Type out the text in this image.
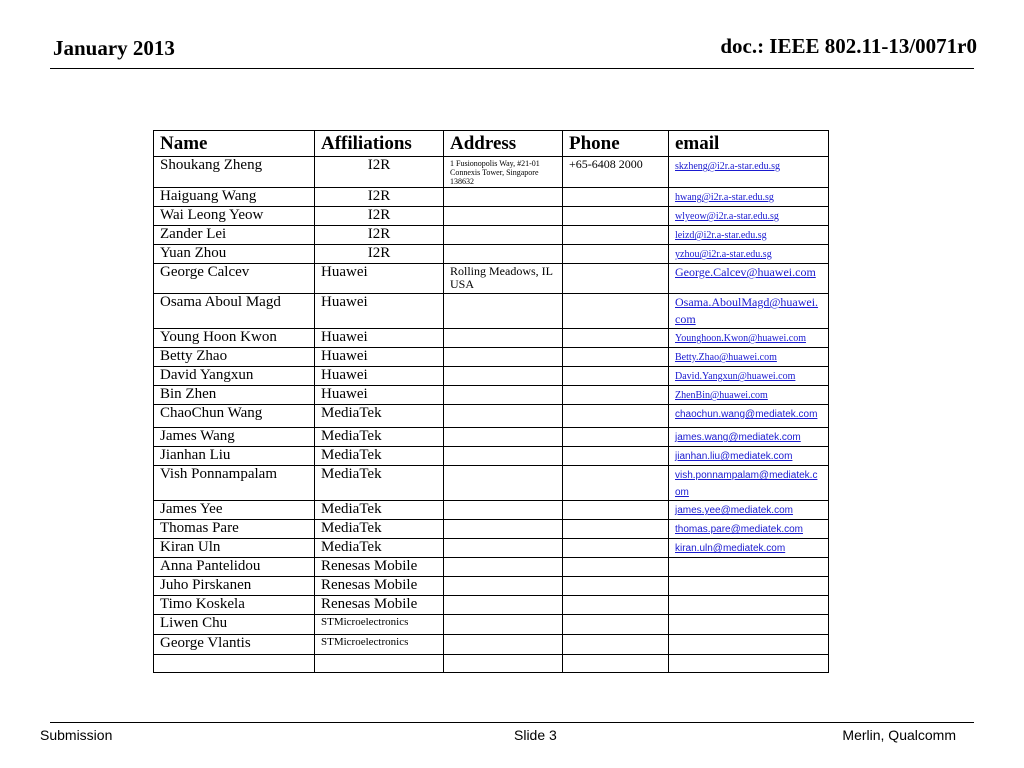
January 2013	doc.: IEEE 802.11-13/0071r0
Name	Affiliations	Address	Phone	email
Shoukang Zheng	I2R	1 Fusionopolis Way, #21-01 Connexis Tower, Singapore 138632	+65-6408 2000	skzheng@i2r.a-star.edu.sg
Haiguang Wang	I2R			hwang@i2r.a-star.edu.sg
Wai Leong Yeow	I2R			wlyeow@i2r.a-star.edu.sg
Zander Lei	I2R			leizd@i2r.a-star.edu.sg
Yuan Zhou	I2R			yzhou@i2r.a-star.edu.sg
George Calcev	Huawei	Rolling Meadows, IL USA		George.Calcev@huawei.com
Osama Aboul Magd	Huawei			Osama.AboulMagd@huawei.com
Young Hoon Kwon	Huawei			Younghoon.Kwon@huawei.com
Betty Zhao	Huawei			Betty.Zhao@huawei.com
David Yangxun	Huawei			David.Yangxun@huawei.com
Bin Zhen	Huawei			ZhenBin@huawei.com
ChaoChun Wang	MediaTek			chaochun.wang@mediatek.com
James Wang	MediaTek			james.wang@mediatek.com
Jianhan Liu	MediaTek			jianhan.liu@mediatek.com
Vish Ponnampalam	MediaTek			vish.ponnampalam@mediatek.com
James Yee	MediaTek			james.yee@mediatek.com
Thomas Pare	MediaTek			thomas.pare@mediatek.com
Kiran Uln	MediaTek			kiran.uln@mediatek.com
Anna Pantelidou	Renesas Mobile			
Juho Pirskanen	Renesas Mobile			
Timo Koskela	Renesas Mobile			
Liwen Chu	STMicroelectronics			
George Vlantis	STMicroelectronics			

Submission	Slide 3	Merlin, Qualcomm
